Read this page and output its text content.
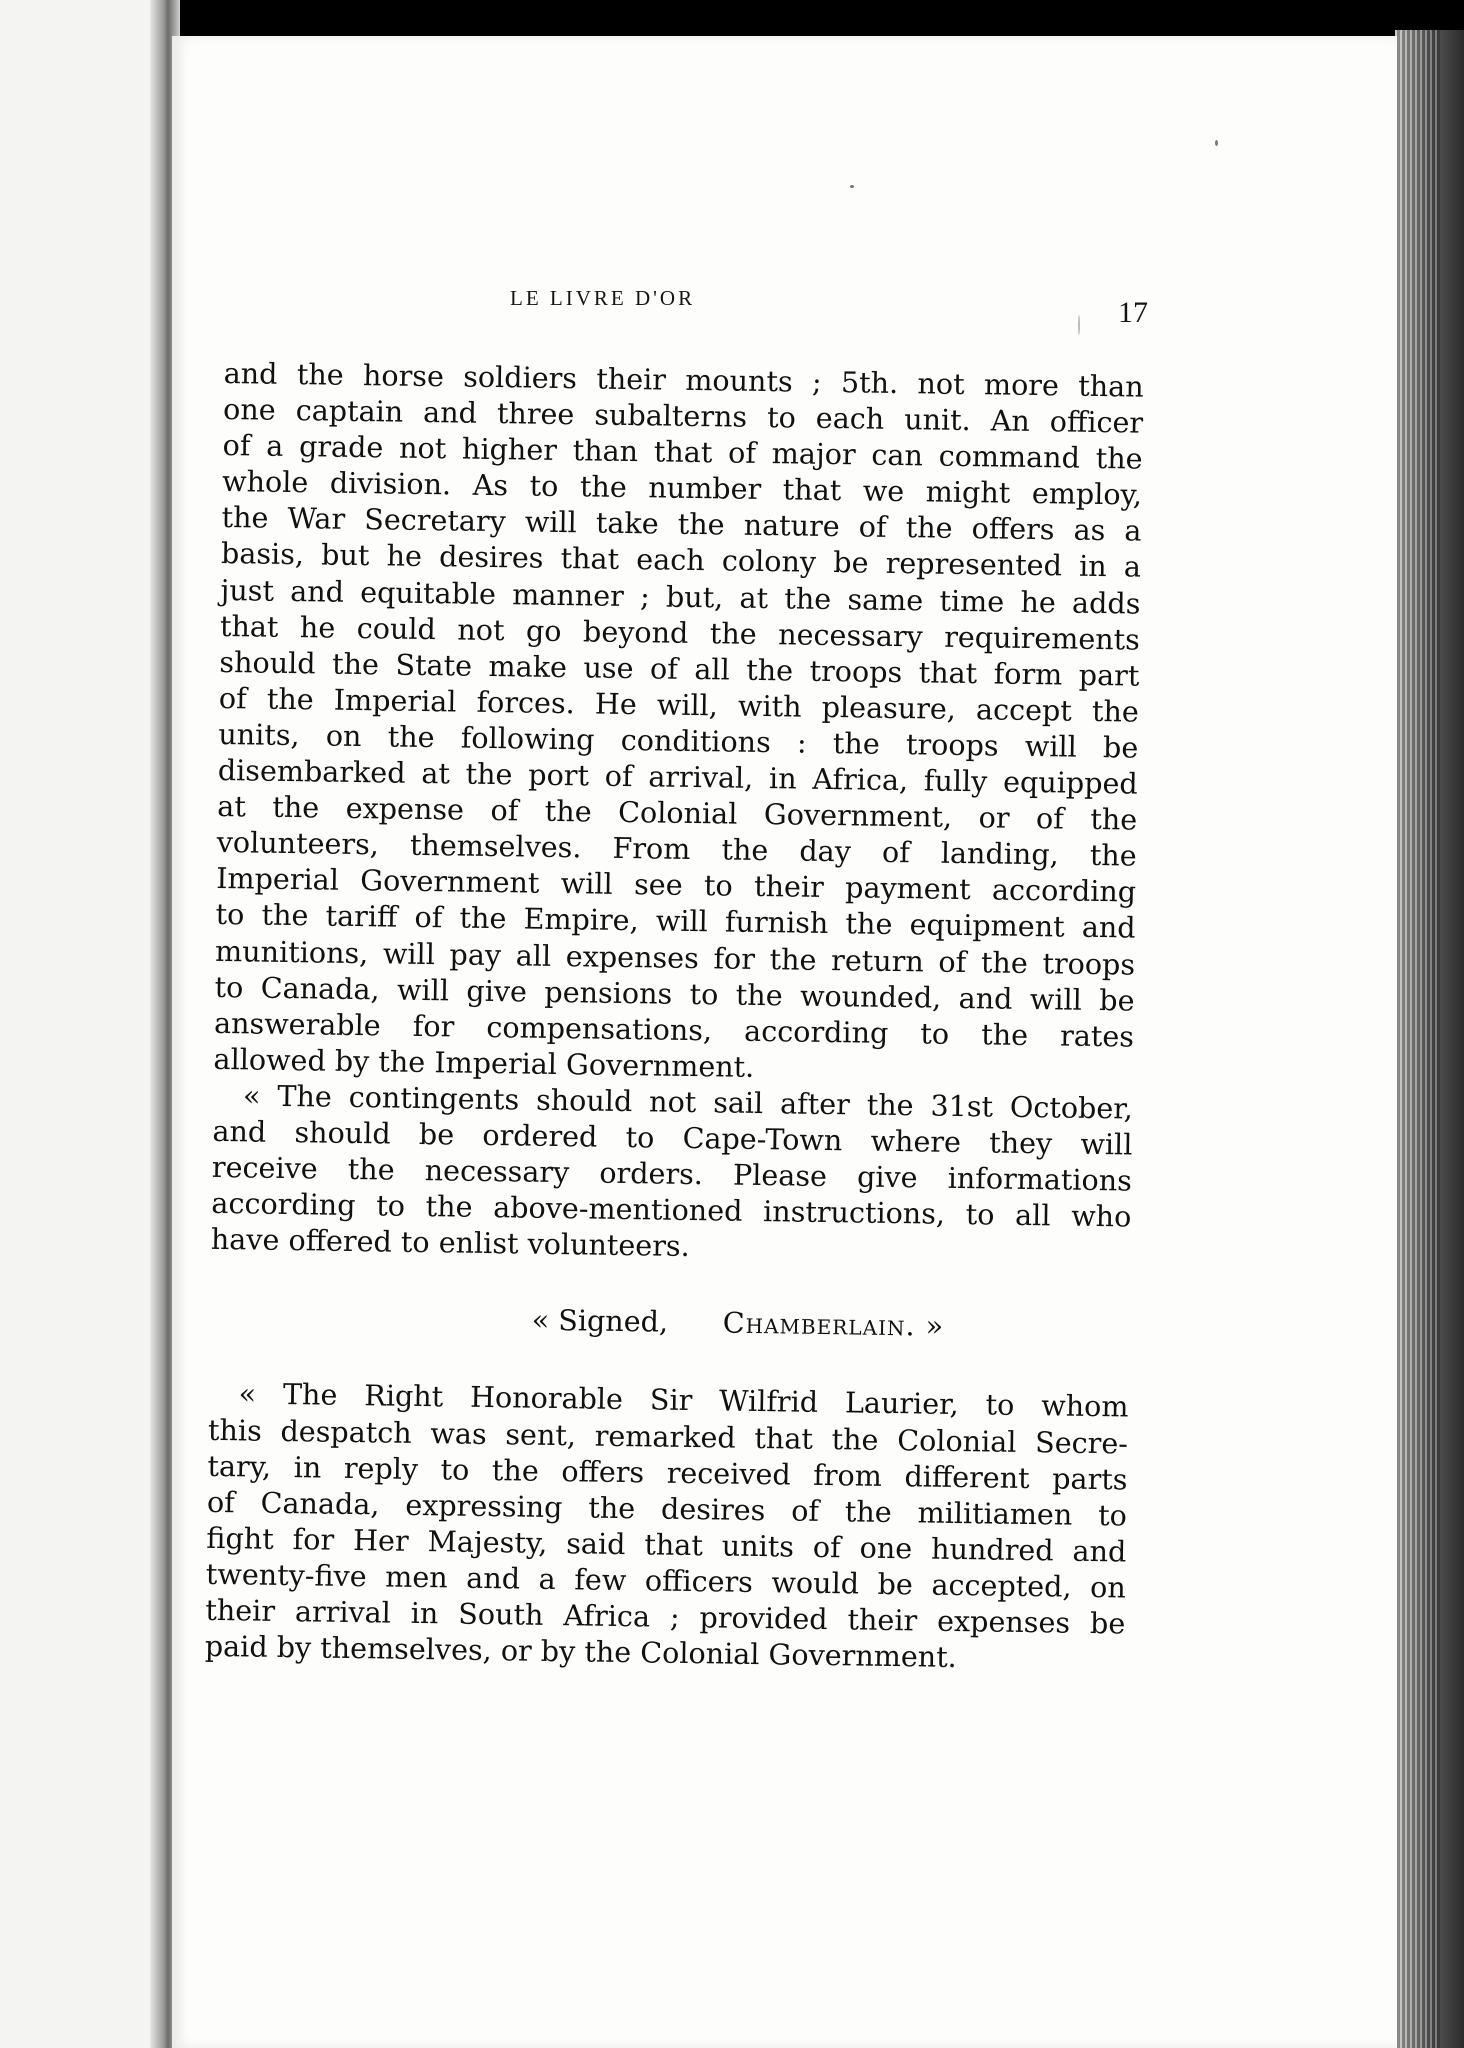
LE LIVRE D'OR	17
and the horse soldiers their mounts ; 5th. not more than
one captain and three subalterns to each unit. An officer
of a grade not higher than that of major can command the
whole division. As to the number that we might employ,
the War Secretary will take the nature of the offers as a
basis, but he desires that each colony be represented in a
just and equitable manner ; but, at the same time he adds
that he could not go beyond the necessary requirements
should the State make use of all the troops that form part
of the Imperial forces. He will, with pleasure, accept the
units, on the following conditions : the troops will be
disembarked at the port of arrival, in Africa, fully equipped
at the expense of the Colonial Government, or of the
volunteers, themselves. From the day of landing, the
Imperial Government will see to their payment according
to the tariff of the Empire, will furnish the equipment and
munitions, will pay all expenses for the return of the troops
to Canada, will give pensions to the wounded, and will be
answerable for compensations, according to the rates
allowed by the Imperial Government.
« The contingents should not sail after the 31st October,
and should be ordered to Cape-Town where they will
receive the necessary orders. Please give informations
according to the above-mentioned instructions, to all who
have offered to enlist volunteers.
« Signed, Chamberlain. »
« The Right Honorable Sir Wilfrid Laurier, to whom
this despatch was sent, remarked that the Colonial Secre-
tary, in reply to the offers received from different parts
of Canada, expressing the desires of the militiamen to
fight for Her Majesty, said that units of one hundred and
twenty-five men and a few officers would be accepted, on
their arrival in South Africa ; provided their expenses be
paid by themselves, or by the Colonial Government.
